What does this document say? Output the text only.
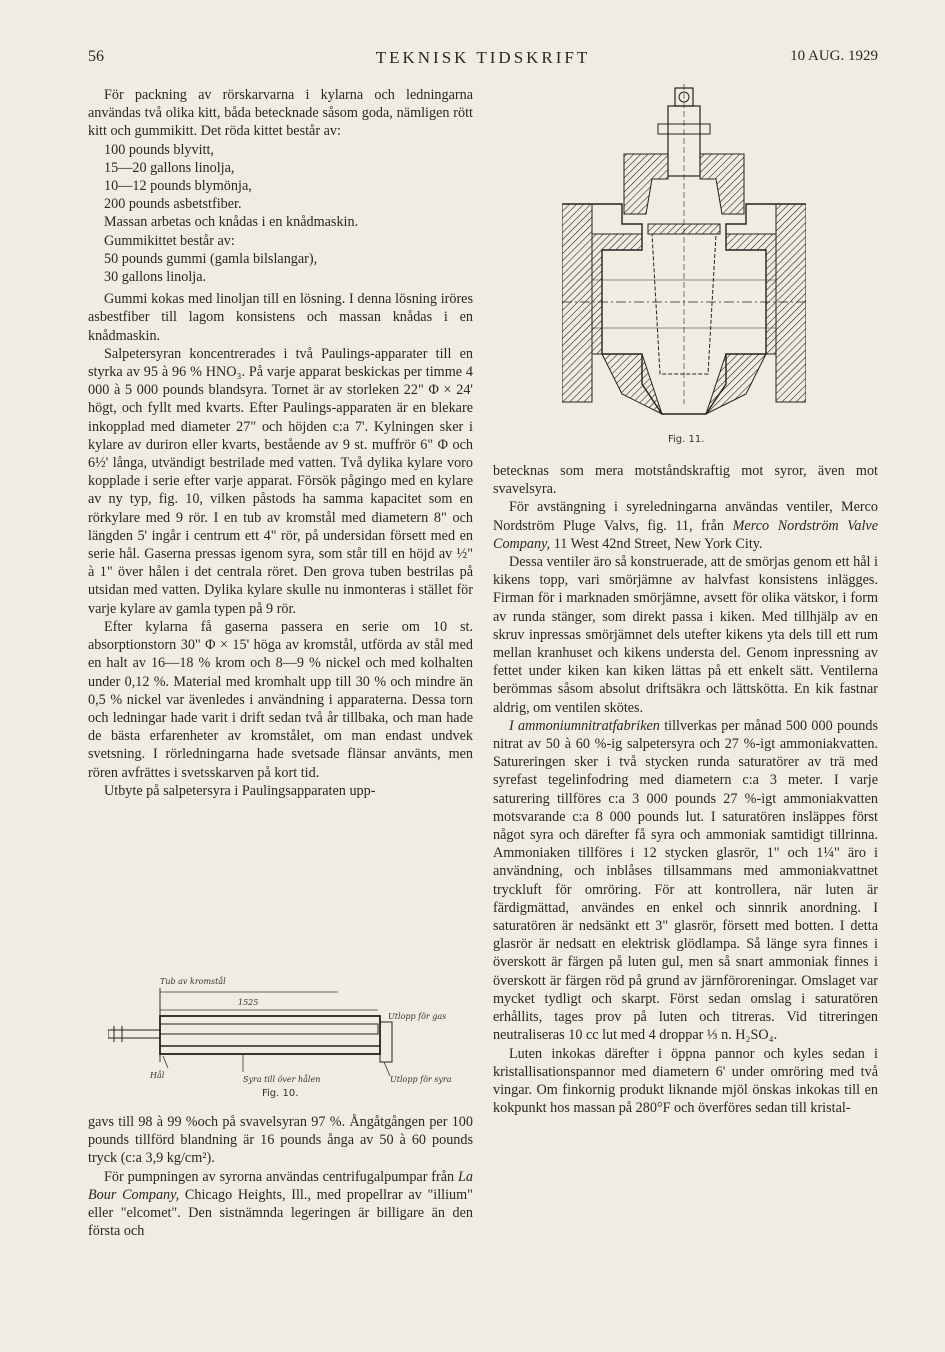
56	TEKNISK TIDSKRIFT	10 AUG. 1929

För packning av rörskarvarna i kylarna och ledningarna användas två olika kitt, båda betecknade såsom goda, nämligen rött kitt och gummikitt. Det röda kittet består av:

100 pounds blyvitt,
15—20 gallons linolja,
10—12 pounds blymönja,
200 pounds asbetstfiber.
Massan arbetas och knådas i en knådmaskin.
Gummikittet består av:
50 pounds gummi (gamla bilslangar),
30 gallons linolja.

Gummi kokas med linoljan till en lösning. I denna lösning iröres asbestfiber till lagom konsistens och massan knådas i en knådmaskin.

Salpetersyran koncentrerades i två Paulings-apparater till en styrka av 95 à 96 % HNO₃. På varje apparat beskickas per timme 4 000 à 5 000 pounds blandsyra. Tornet är av storleken 22" Φ × 24' högt, och fyllt med kvarts. Efter Paulings-apparaten är en blekare inkopplad med diameter 27" och höjden c:a 7'. Kylningen sker i kylare av duriron eller kvarts, bestående av 9 st. muffrör 6" Φ och 6½' långa, utvändigt bestrilade med vatten. Två dylika kylare voro kopplade i serie efter varje apparat. Försök pågingo med en kylare av ny typ, fig. 10, vilken påstods ha samma kapacitet som en rörkylare med 9 rör. I en tub av kromstål med diametern 8" och längden 5' ingår i centrum ett 4" rör, på undersidan försett med en serie hål. Gaserna pressas igenom syra, som står till en höjd av ½" à 1" över hålen i det centrala röret. Den grova tuben bestrilas på utsidan med vatten. Dylika kylare skulle nu inmonteras i stället för varje kylare av gamla typen på 9 rör.

Efter kylarna få gaserna passera en serie om 10 st. absorptionstorn 30" Φ × 15' höga av kromstål, utförda av stål med en halt av 16—18 % krom och 8—9 % nickel och med kolhalten under 0,12 %. Material med kromhalt upp till 30 % och mindre än 0,5 % nickel var ävenledes i användning i apparaterna. Dessa torn och ledningar hade varit i drift sedan två år tillbaka, och man hade de bästa erfarenheter av kromstålet, om man endast undvek svetsning. I rörledningarna hade svetsade flänsar använts, men rören avfrättes i svetsskarven på kort tid.

Utbyte på salpetersyra i Paulingsapparaten upp-

Tub av kromstål
1525
Utlopp för gas
Hål	Syra till över hålen	Utlopp för syra
Fig. 10.

gavs till 98 à 99 %och på svavelsyran 97 %. Ångåtgången per 100 pounds tillförd blandning är 16 pounds ånga av 50 à 60 pounds tryck (c:a 3,9 kg/cm²).

För pumpningen av syrorna användas centrifugalpumpar från La Bour Company, Chicago Heights, Ill., med propellrar av "illium" eller "elcomet". Den sistnämnda legeringen är billigare än den första och

Fig. 11.

betecknas som mera motståndskraftig mot syror, även mot svavelsyra.

För avstängning i syreledningarna användas ventiler, Merco Nordström Pluge Valvs, fig. 11, från Merco Nordström Valve Company, 11 West 42nd Street, New York City.

Dessa ventiler äro så konstruerade, att de smörjas genom ett hål i kikens topp, vari smörjämne av halvfast konsistens inlägges. Firman för i marknaden smörjämne, avsett för olika vätskor, i form av runda stänger, som direkt passa i kiken. Med tillhjälp av en skruv inpressas smörjämnet dels utefter kikens yta dels till ett rum mellan kranhuset och kikens understa del. Genom inpressning av fettet under kiken kan kiken lättas på ett enkelt sätt. Ventilerna berömmas såsom absolut driftsäkra och lättskötta. En kik fastnar aldrig, om ventilen skötes.

I ammoniumnitratfabriken tillverkas per månad 500 000 pounds nitrat av 50 à 60 %-ig salpetersyra och 27 %-igt ammoniakvatten. Satureringen sker i två stycken runda saturatörer av trä med syrefast tegelinfodring med diametern c:a 3 meter. I varje saturering tillföres c:a 3 000 pounds 27 %-igt ammoniakvatten motsvarande c:a 8 000 pounds lut. I saturatören insläppes först något syra och därefter få syra och ammoniak samtidigt tillrinna. Ammoniaken tillföres i 12 stycken glasrör, 1" och 1¼" äro i användning, och inblåses tillsammans med ammoniakvattnet tryckluft för omröring. För att kontrollera, när luten är färdigmättad, användes en enkel och sinnrik anordning. I saturatören är nedsänkt ett 3" glasrör, försett med botten. I detta glasrör är nedsatt en elektrisk glödlampa. Så länge syra finnes i överskott är färgen på luten gul, men så snart ammoniak finnes i överskott är färgen röd på grund av järnföroreningar. Omslaget var mycket tydligt och skarpt. Först sedan omslag i saturatören erhållits, tages prov på luten och titreras. Vid titreringen neutraliseras 10 cc lut med 4 droppar ⅓ n. H₂SO₄.

Luten inkokas därefter i öppna pannor och kyles sedan i kristallisationspannor med diametern 6' under omröring med två vingar. Om finkornig produkt liknande mjöl önskas inkokas till en kokpunkt hos massan på 280°F och överföres sedan till kristal-
